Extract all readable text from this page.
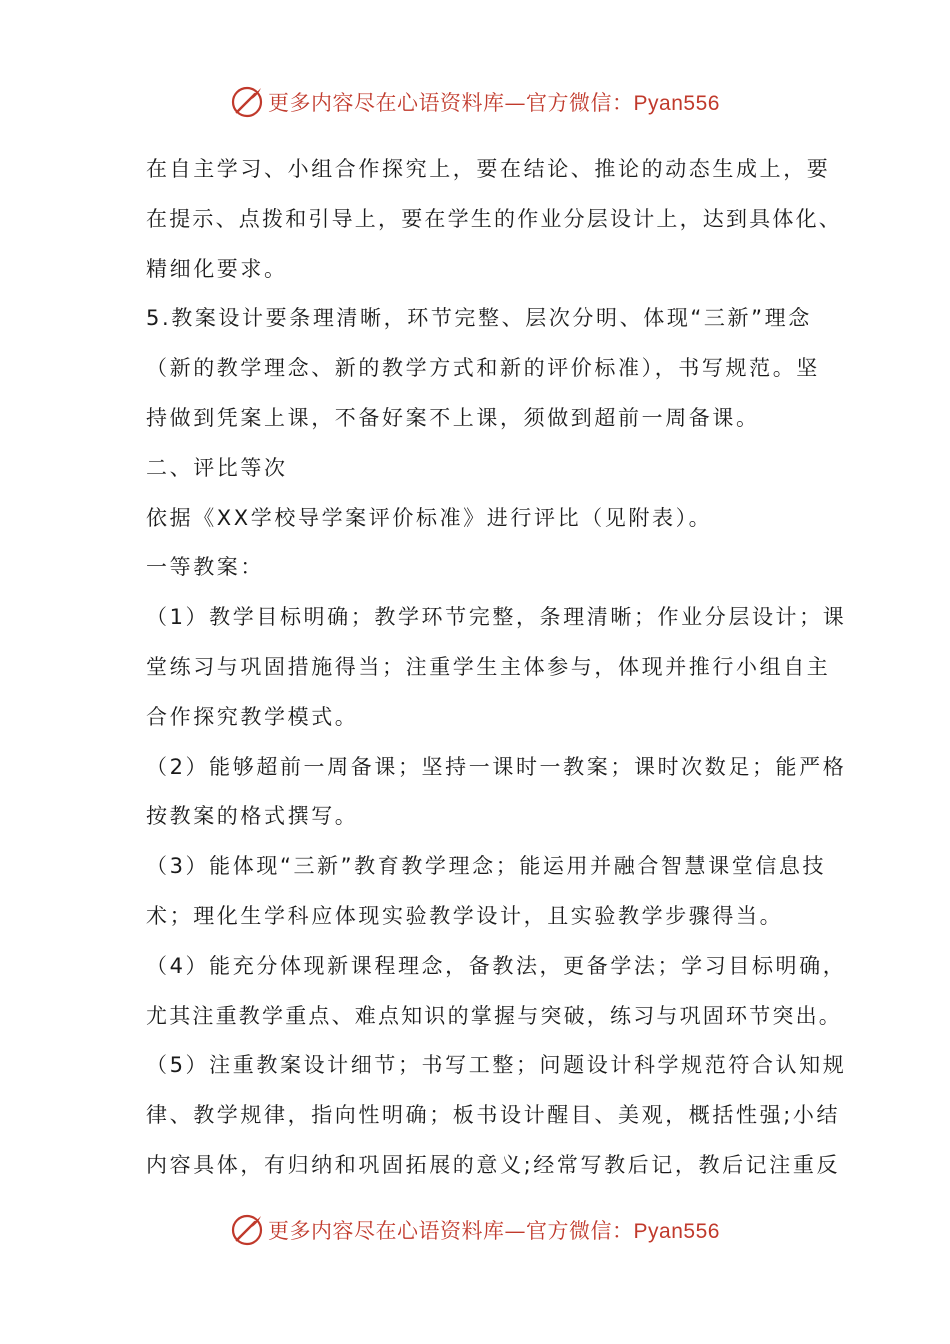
更多内容尽在心语资料库—官方微信：Pyan556
在自主学习、小组合作探究上，要在结论、推论的动态生成上，要
在提示、点拨和引导上，要在学生的作业分层设计上，达到具体化、
精细化要求。
5.教案设计要条理清晰，环节完整、层次分明、体现“三新”理念
（新的教学理念、新的教学方式和新的评价标准），书写规范。坚
持做到凭案上课，不备好案不上课，须做到超前一周备课。
二、评比等次
依据《XX学校导学案评价标准》进行评比（见附表）。
一等教案：
（1）教学目标明确；教学环节完整，条理清晰；作业分层设计；课
堂练习与巩固措施得当；注重学生主体参与，体现并推行小组自主
合作探究教学模式。
（2）能够超前一周备课；坚持一课时一教案；课时次数足；能严格
按教案的格式撰写。
（3）能体现“三新”教育教学理念；能运用并融合智慧课堂信息技
术；理化生学科应体现实验教学设计，且实验教学步骤得当。
（4）能充分体现新课程理念，备教法，更备学法；学习目标明确，
尤其注重教学重点、难点知识的掌握与突破，练习与巩固环节突出。
（5）注重教案设计细节；书写工整；问题设计科学规范符合认知规
律、教学规律，指向性明确；板书设计醒目、美观，概括性强;小结
内容具体，有归纳和巩固拓展的意义;经常写教后记，教后记注重反
更多内容尽在心语资料库—官方微信：Pyan556
